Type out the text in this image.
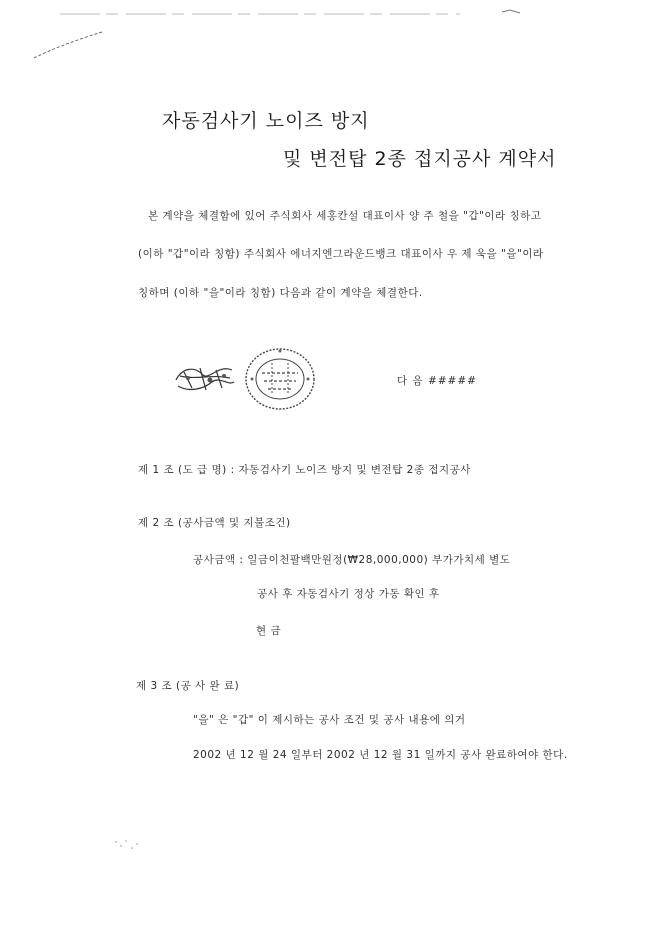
자동검사기 노이즈 방지
및 변전탑 2종 접지공사 계약서
본 계약을 체결함에 있어 주식회사 세홍칸설 대표이사 양 주 철을 "갑"이라 칭하고
(이하 "갑"이라 칭함) 주식회사 에너지엔그라운드뱅크 대표이사 우 제 욱을 "을"이라
칭하며 (이하 "을"이라 칭함) 다음과 같이 계약을 체결한다.
다 음 #####
제 1 조 (도 급 명) : 자동검사기 노이즈 방지 및 변전탑 2종 접지공사
제 2 조 (공사금액 및 지불조건)
공사금액 : 일금이천팔백만원정(₩28,000,000) 부가가치세 별도
공사 후 자동검사기 정상 가동 확인 후
현 금
제 3 조 (공 사 완 료)
"을" 은 "갑" 이 제시하는 공사 조건 및 공사 내용에 의거
2002 년 12 월 24 일부터 2002 년 12 월 31 일까지 공사 완료하여야 한다.
